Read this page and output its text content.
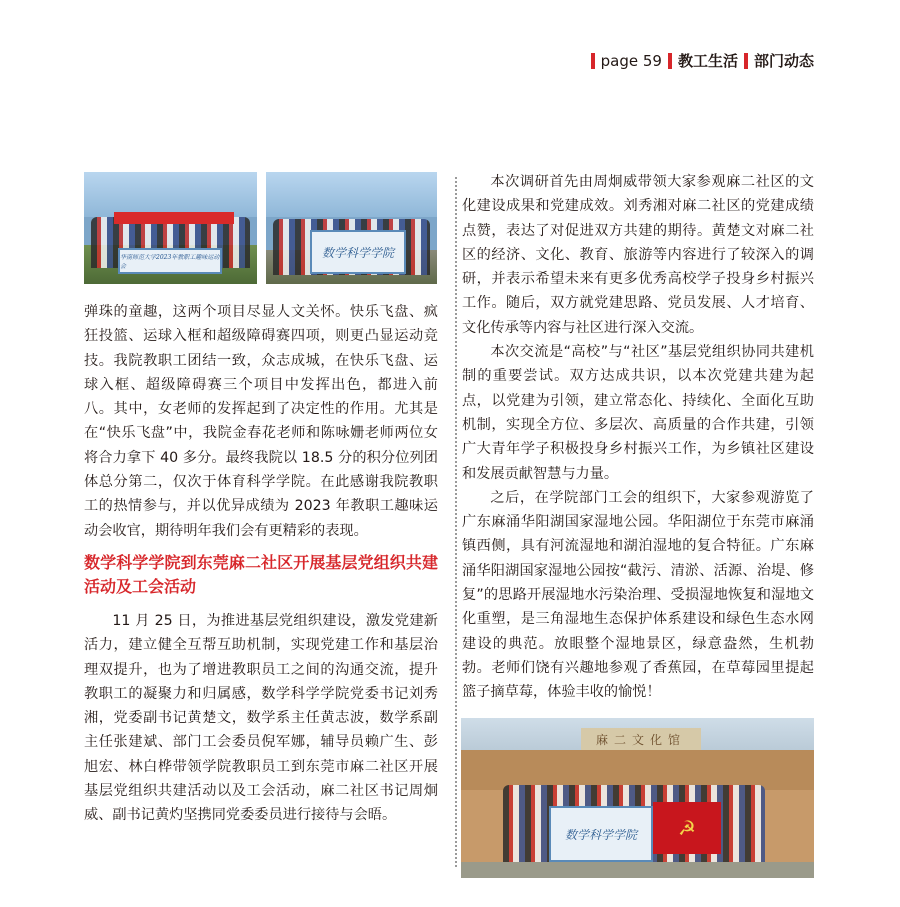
page 59 教工生活 部门动态
华南师范大学2023年教职工趣味运动会
数学科学学院
麻二文化馆
数学科学学院	☭

弹珠的童趣，这两个项目尽显人文关怀。快乐飞盘、疯狂投篮、运球入框和超级障碍赛四项，则更凸显运动竞技。我院教职工团结一致，众志成城，在快乐飞盘、运球入框、超级障碍赛三个项目中发挥出色，都进入前八。其中，女老师的发挥起到了决定性的作用。尤其是在“快乐飞盘”中，我院金春花老师和陈咏姗老师两位女将合力拿下 40 多分。最终我院以 18.5 分的积分位列团体总分第二，仅次于体育科学学院。在此感谢我院教职工的热情参与，并以优异成绩为 2023 年教职工趣味运动会收官，期待明年我们会有更精彩的表现。

数学科学学院到东莞麻二社区开展基层党组织共建活动及工会活动

11 月 25 日，为推进基层党组织建设，激发党建新活力，建立健全互帮互助机制，实现党建工作和基层治理双提升，也为了增进教职员工之间的沟通交流，提升教职工的凝聚力和归属感，数学科学学院党委书记刘秀湘，党委副书记黄楚文，数学系主任黄志波，数学系副主任张建斌、部门工会委员倪军娜，辅导员赖广生、彭旭宏、林白桦带领学院教职员工到东莞市麻二社区开展基层党组织共建活动以及工会活动，麻二社区书记周炯威、副书记黄灼坚携同党委委员进行接待与会晤。

本次调研首先由周炯威带领大家参观麻二社区的文化建设成果和党建成效。刘秀湘对麻二社区的党建成绩点赞，表达了对促进双方共建的期待。黄楚文对麻二社区的经济、文化、教育、旅游等内容进行了较深入的调研，并表示希望未来有更多优秀高校学子投身乡村振兴工作。随后，双方就党建思路、党员发展、人才培育、文化传承等内容与社区进行深入交流。

本次交流是“高校”与“社区”基层党组织协同共建机制的重要尝试。双方达成共识，以本次党建共建为起点，以党建为引领，建立常态化、持续化、全面化互助机制，实现全方位、多层次、高质量的合作共建，引领广大青年学子积极投身乡村振兴工作，为乡镇社区建设和发展贡献智慧与力量。

之后，在学院部门工会的组织下，大家参观游览了广东麻涌华阳湖国家湿地公园。华阳湖位于东莞市麻涌镇西侧，具有河流湿地和湖泊湿地的复合特征。广东麻涌华阳湖国家湿地公园按“截污、清淤、活源、治堤、修复”的思路开展湿地水污染治理、受损湿地恢复和湿地文化重塑，是三角湿地生态保护体系建设和绿色生态水网建设的典范。放眼整个湿地景区，绿意盎然，生机勃勃。老师们饶有兴趣地参观了香蕉园，在草莓园里提起篮子摘草莓，体验丰收的愉悦！
